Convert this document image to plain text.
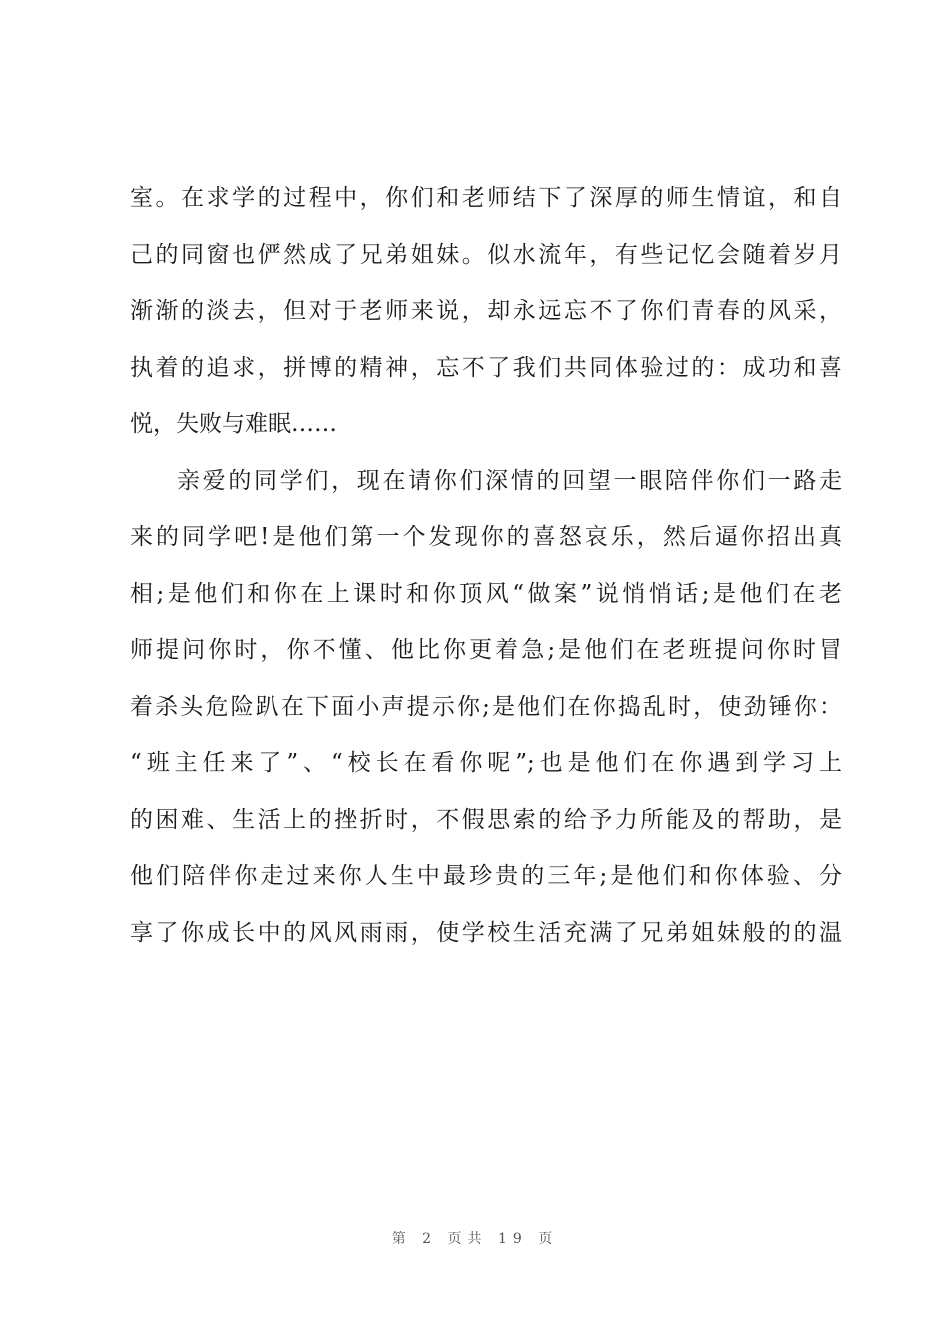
室。在求学的过程中，你们和老师结下了深厚的师生情谊，和自
己的同窗也俨然成了兄弟姐妹。似水流年，有些记忆会随着岁月
渐渐的淡去，但对于老师来说，却永远忘不了你们青春的风采，
执着的追求，拼博的精神，忘不了我们共同体验过的：成功和喜
悦，失败与难眠……
亲爱的同学们，现在请你们深情的回望一眼陪伴你们一路走
来的同学吧!是他们第一个发现你的喜怒哀乐，然后逼你招出真
相;是他们和你在上课时和你顶风“做案”说悄悄话;是他们在老
师提问你时，你不懂、他比你更着急;是他们在老班提问你时冒
着杀头危险趴在下面小声提示你;是他们在你捣乱时，使劲锤你：
“班主任来了”、“校长在看你呢”;也是他们在你遇到学习上
的困难、生活上的挫折时，不假思索的给予力所能及的帮助，是
他们陪伴你走过来你人生中最珍贵的三年;是他们和你体验、分
享了你成长中的风风雨雨，使学校生活充满了兄弟姐妹般的的温
第 2 页共 19 页
